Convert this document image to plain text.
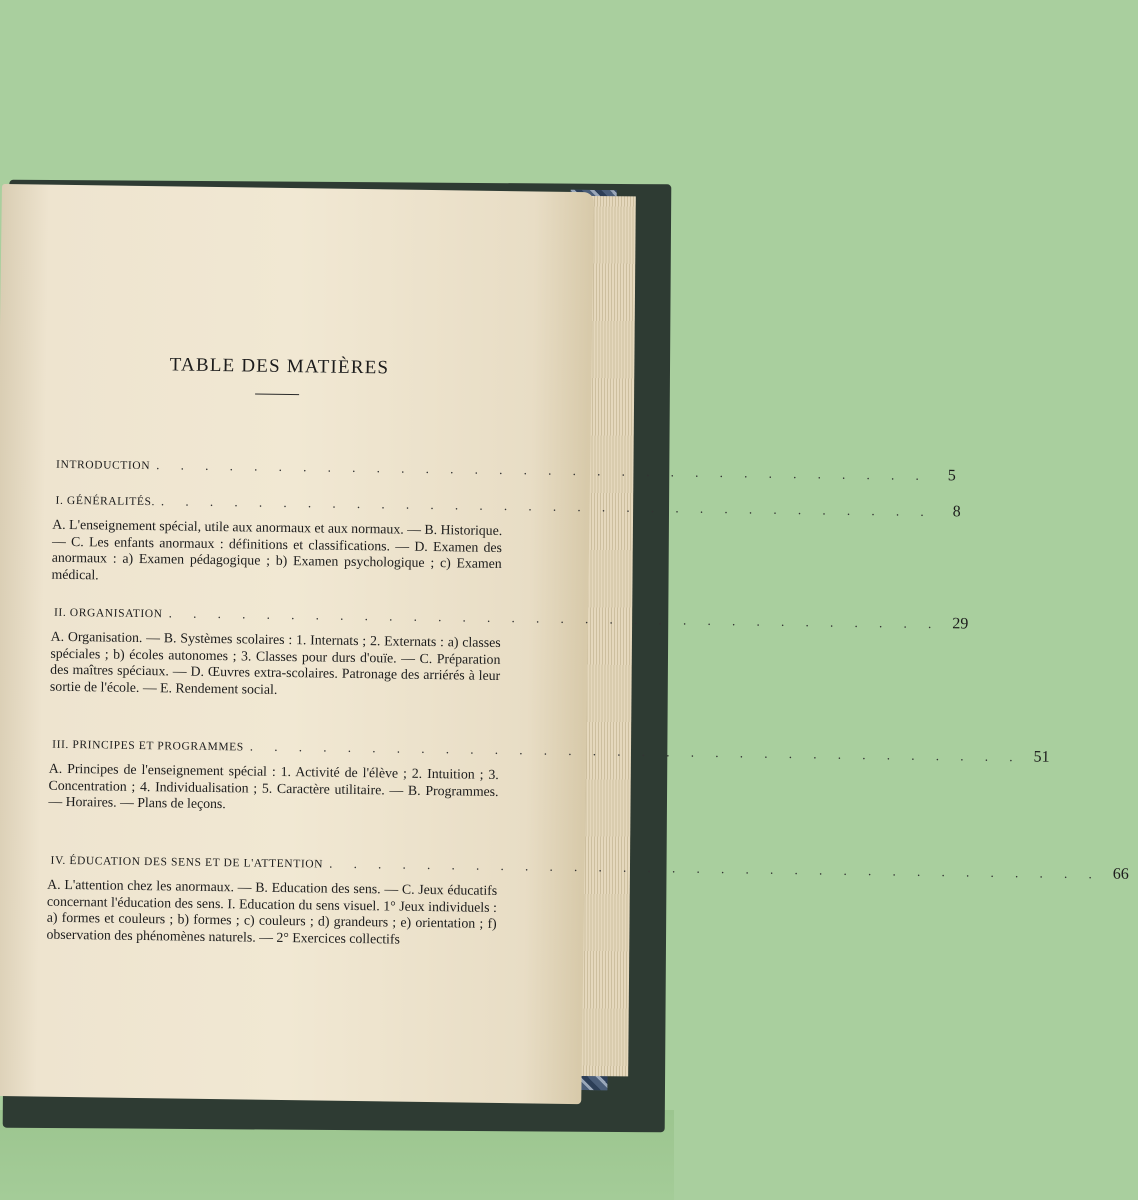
TABLE DES MATIÈRES
INTRODUCTION . . . . . . . . . . . . . . . . . . . . . . . . . . . . . . . .	5
I. GÉNÉRALITÉS. . . . . . . . . . . . . . . . . . . . . . . . . . . . . . . . .	8
A. L'enseignement spécial, utile aux anormaux et aux normaux. — B. Historique. — C. Les enfants anormaux : définitions et classifications. — D. Examen des anormaux : a) Examen pédagogique ; b) Examen psychologique ; c) Examen médical.
II. ORGANISATION . . . . . . . . . . . . . . . . . . . . . . . . . . . . . . . . 29
A. Organisation. — B. Systèmes scolaires : 1. Internats ; 2. Externats : a) classes spéciales ; b) écoles autonomes ; 3. Classes pour durs d'ouïe. — C. Préparation des maîtres spéciaux. — D. Œuvres extra-scolaires. Patronage des arriérés à leur sortie de l'école. — E. Rendement social.
III. PRINCIPES ET PROGRAMMES . . . . . . . . . . . . . . . . . . . . . . . . . . . . . . . . 51
A. Principes de l'enseignement spécial : 1. Activité de l'élève ; 2. Intuition ; 3. Concentration ; 4. Individualisation ; 5. Caractère utilitaire. — B. Programmes. — Horaires. — Plans de leçons.
IV. ÉDUCATION DES SENS ET DE L'ATTENTION . . . . . . . . . . . . . . . . . . . . . . . . . . . . . . . . 66
A. L'attention chez les anormaux. — B. Education des sens. — C. Jeux éducatifs concernant l'éducation des sens. I. Education du sens visuel. 1° Jeux individuels : a) formes et couleurs ; b) formes ; c) couleurs ; d) grandeurs ; e) orientation ; f) observation des phénomènes naturels. — 2° Exercices collectifs
